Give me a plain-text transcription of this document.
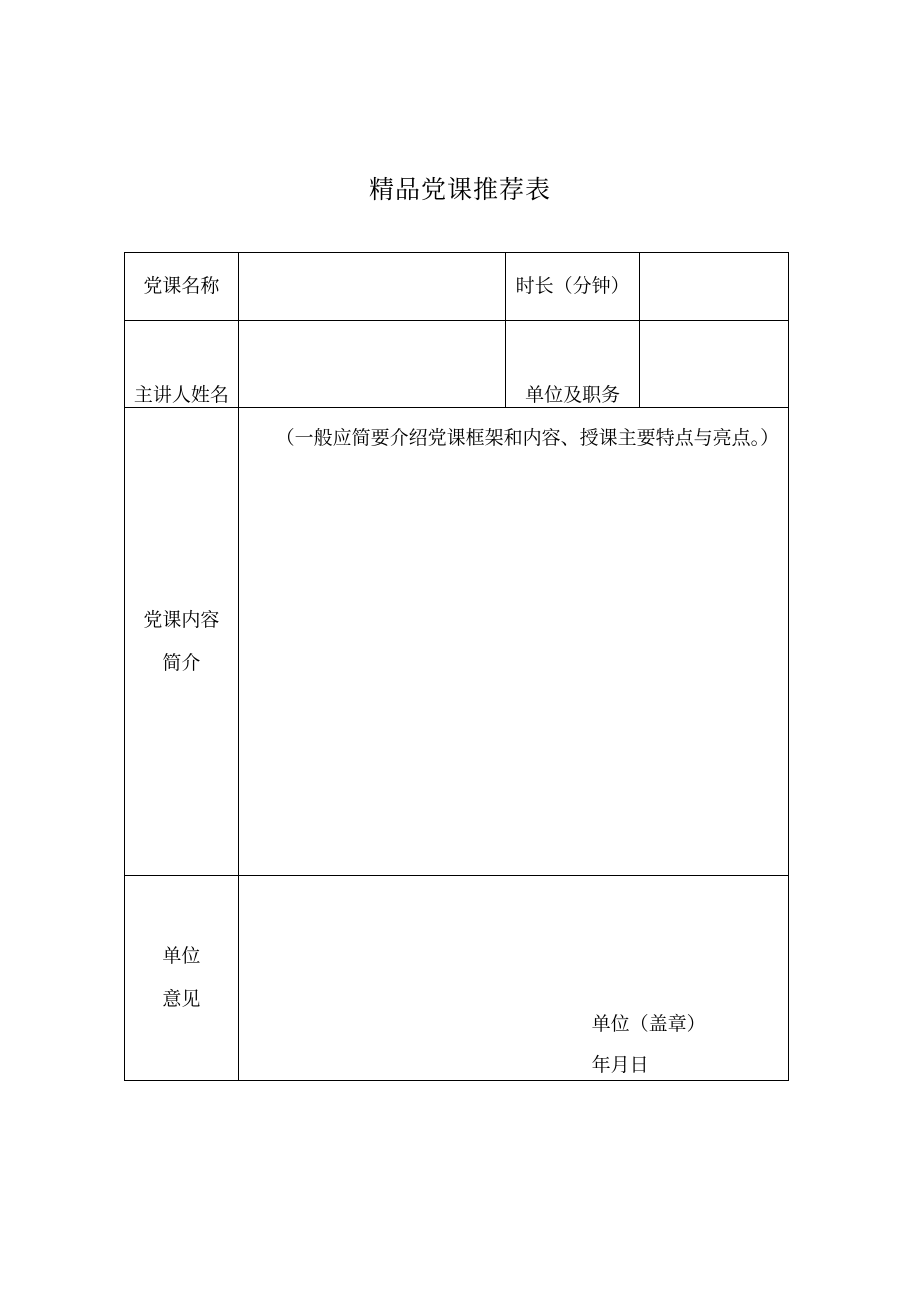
精品党课推荐表
党课名称		时长（分钟）	
主讲人姓名		单位及职务	

党课内容
简介	（一般应简要介绍党课框架和内容、授课主要特点与亮点。）		

单位
意见	单位（盖章）
年月日		
